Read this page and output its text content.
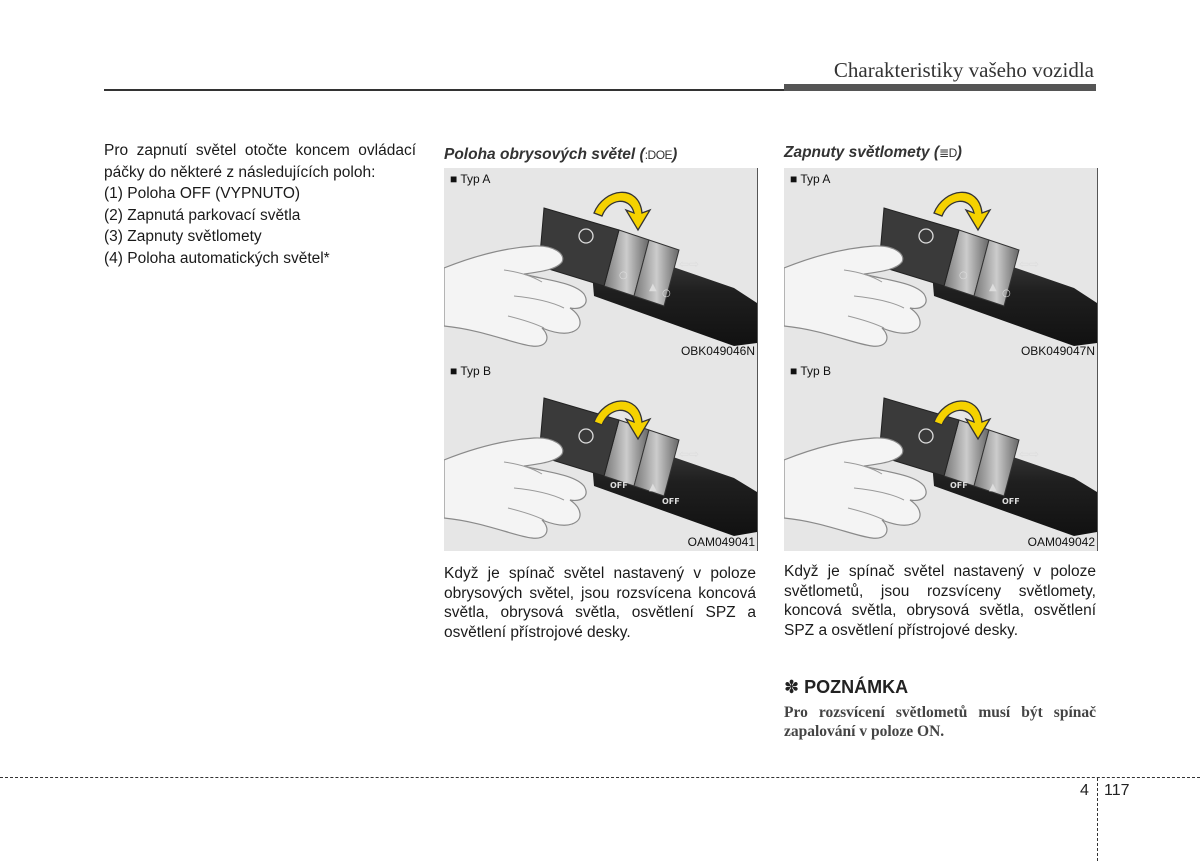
Charakteristiky vašeho vozidla

Pro zapnutí světel otočte koncem ovládací páčky do některé z následujících poloh:

(1) Poloha OFF (VYPNUTO)
(2) Zapnutá parkovací světla
(3) Zapnuty světlomety
(4) Poloha automatických světel*
Poloha obrysových světel (:DOE)
■ Typ A
OBK049046N
■ Typ B
OAM049041

Když je spínač světel nastavený v poloze obrysových světel, jsou rozsvícena koncová světla, obrysová světla, osvětlení SPZ a osvětlení přístrojové desky.

Zapnuty světlomety (≣D)
■ Typ A
OBK049047N
■ Typ B
OAM049042

Když je spínač světel nastavený v poloze světlometů, jsou rozsvíceny světlomety, koncová světla, obrysová světla, osvětlení SPZ a osvětlení přístrojové desky.

✽ POZNÁMKA
Pro rozsvícení světlometů musí být spínač zapalování v poloze ON.
4 117
